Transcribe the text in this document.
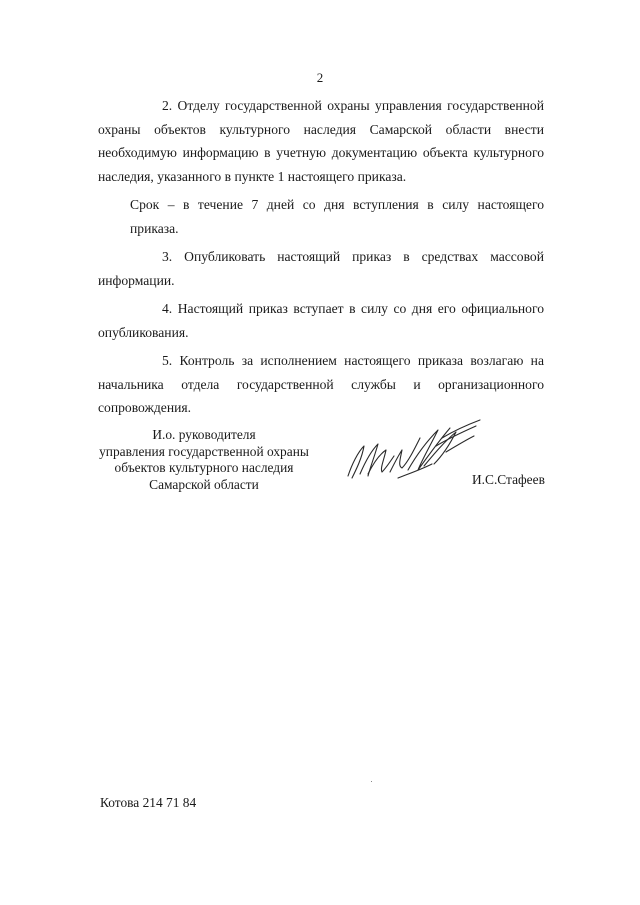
2

2. Отделу государственной охраны управления государственной охраны объектов культурного наследия Самарской области внести необходимую информацию в учетную документацию объекта культурного наследия, указанного в пункте 1 настоящего приказа.

Срок – в течение 7 дней со дня вступления в силу настоящего
приказа.

3. Опубликовать настоящий приказ в средствах массовой информации.

4. Настоящий приказ вступает в силу со дня его официального опубликования.

5. Контроль за исполнением настоящего приказа возлагаю на начальника отдела государственной службы и организационного сопровождения.

И.о. руководителя
управления государственной охраны
объектов культурного наследия
Самарской области	И.С.Стафеев
Котова 214 71 84
